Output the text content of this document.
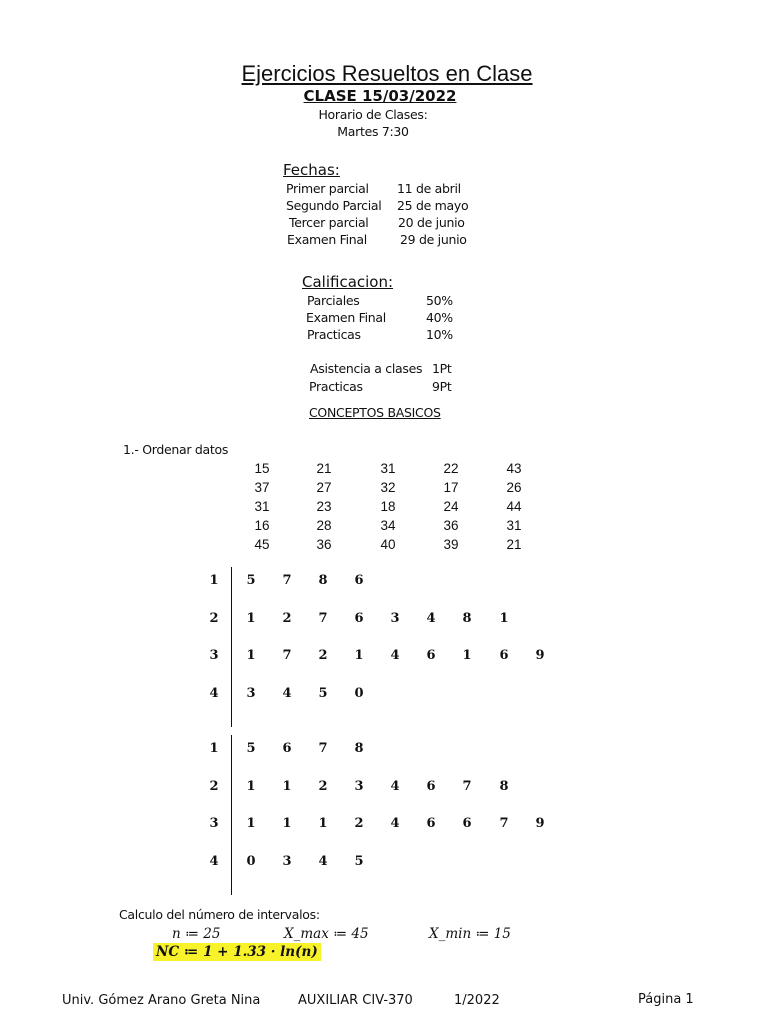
Ejercicios Resueltos en Clase
CLASE 15/03/2022
Horario de Clases:
Martes 7:30
Fechas:
Primer parcial 11 de abril
Segundo Parcial 25 de mayo
Tercer parcial 20 de junio
Examen Final	29 de junio
Calificacion:
Parciales	50%
Examen Final	40%
Practicas	10%
Asistencia a clases 1Pt
Practicas	9Pt
CONCEPTOS BASICOS
1.- Ordenar datos
15	21	31	22	43
37	27	32	17	26
31	23	18	24	44
16	28	34	36	31
45	36	40	39	21
1	5	7	8	6
2	1	2	7	6	3	4	8	1
3	1	7	2	1	4	6	1	6	9
4	3	4	5	0
1	5	6	7	8
2	1	1	2	3	4	6	7	8
3	1	1	1	2	4	6	6	7	9
4	0	3	4	5
Calculo del número de intervalos:
n ≔ 25	X_max ≔ 45	X_min ≔ 15
NC ≔ 1 + 1.33 · ln(n)
Univ. Gómez Arano Greta Nina	AUXILIAR CIV-370	1/2022	Página 1
